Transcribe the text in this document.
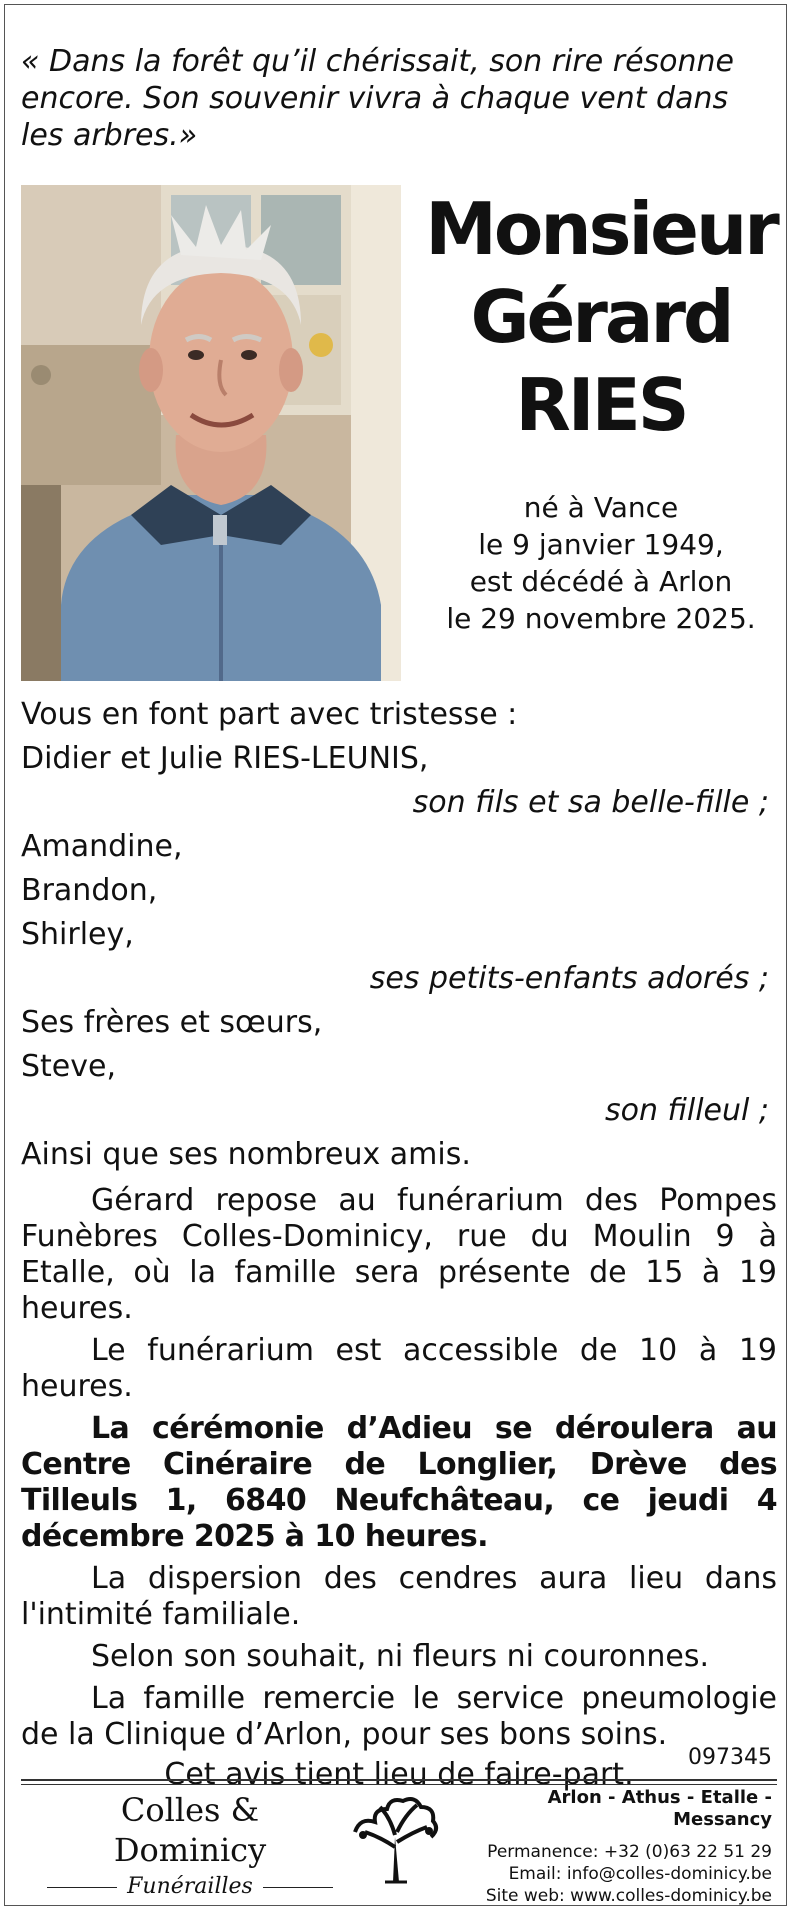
« Dans la forêt qu’il chérissait, son rire résonne encore. Son souvenir vivra à chaque vent dans les arbres.»
Monsieur
Gérard
RIES
né à Vance
le 9 janvier 1949,
est décédé à Arlon
le 29 novembre 2025.
Vous en font part avec tristesse :
Didier et Julie RIES-LEUNIS,
son fils et sa belle-fille ;
Amandine,
Brandon,
Shirley,
ses petits-enfants adorés ;
Ses frères et sœurs,
Steve,
son filleul ;
Ainsi que ses nombreux amis.
Gérard repose au funérarium des Pompes Funèbres Colles-Dominicy, rue du Moulin 9 à Etalle, où la famille sera présente de 15 à 19 heures.
Le funérarium est accessible de 10 à 19 heures.
La cérémonie d’Adieu se déroulera au Centre Cinéraire de Longlier, Drève des Tilleuls 1, 6840 Neufchâteau, ce jeudi 4 décembre 2025 à 10 heures.
La dispersion des cendres aura lieu dans l'intimité familiale.
Selon son souhait, ni fleurs ni couronnes.
La famille remercie le service pneumologie de la Clinique d’Arlon, pour ses bons soins.
Cet avis tient lieu de faire-part.	097345
Colles & Dominicy
Funérailles
Arlon - Athus - Etalle - Messancy
Permanence: +32 (0)63 22 51 29
Email: info@colles-dominicy.be
Site web: www.colles-dominicy.be
